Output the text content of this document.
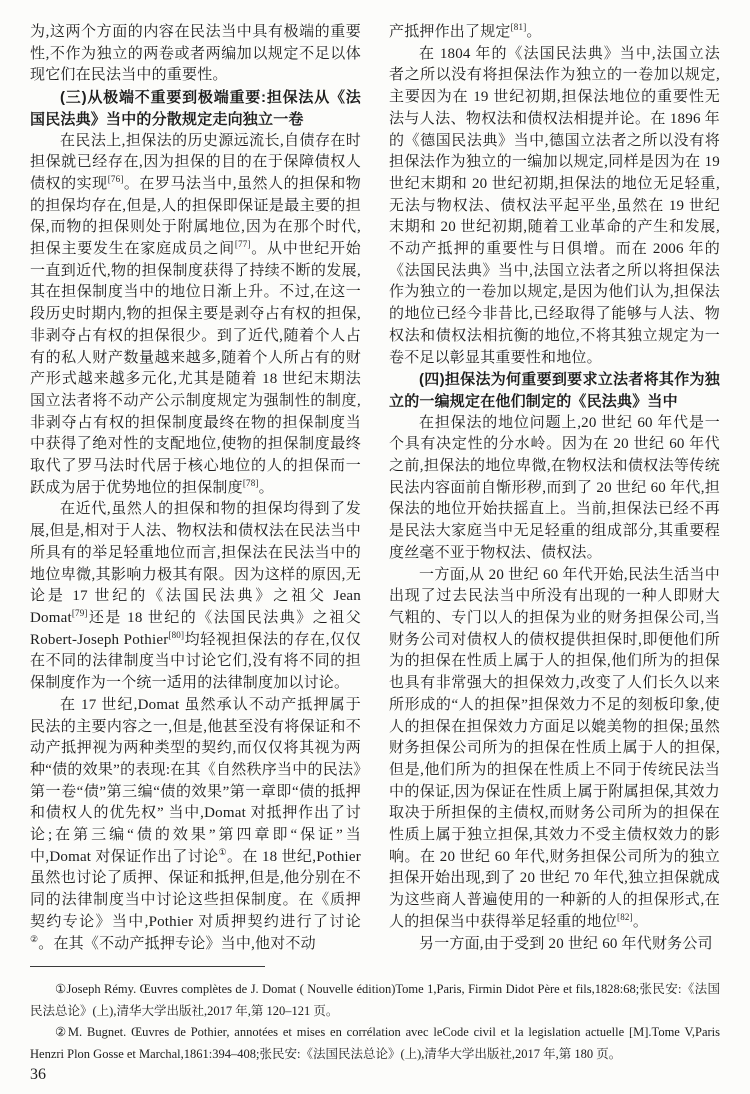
为,这两个方面的内容在民法当中具有极端的重要性,不作为独立的两卷或者两编加以规定不足以体现它们在民法当中的重要性。

(三)从极端不重要到极端重要:担保法从《法国民法典》当中的分散规定走向独立一卷

在民法上,担保法的历史源远流长,自债存在时担保就已经存在,因为担保的目的在于保障债权人债权的实现[76]。在罗马法当中,虽然人的担保和物的担保均存在,但是,人的担保即保证是最主要的担保,而物的担保则处于附属地位,因为在那个时代,担保主要发生在家庭成员之间[77]。从中世纪开始一直到近代,物的担保制度获得了持续不断的发展,其在担保制度当中的地位日渐上升。不过,在这一段历史时期内,物的担保主要是剥夺占有权的担保,非剥夺占有权的担保很少。到了近代,随着个人占有的私人财产数量越来越多,随着个人所占有的财产形式越来越多元化,尤其是随着 18 世纪末期法国立法者将不动产公示制度规定为强制性的制度,非剥夺占有权的担保制度最终在物的担保制度当中获得了绝对性的支配地位,使物的担保制度最终取代了罗马法时代居于核心地位的人的担保而一跃成为居于优势地位的担保制度[78]。

在近代,虽然人的担保和物的担保均得到了发展,但是,相对于人法、物权法和债权法在民法当中所具有的举足轻重地位而言,担保法在民法当中的地位卑微,其影响力极其有限。因为这样的原因,无论是 17 世纪的《法国民法典》之祖父 Jean Domat[79]还是 18 世纪的《法国民法典》之祖父 Robert-Joseph Pothier[80]均轻视担保法的存在,仅仅在不同的法律制度当中讨论它们,没有将不同的担保制度作为一个统一适用的法律制度加以讨论。

在 17 世纪,Domat 虽然承认不动产抵押属于民法的主要内容之一,但是,他甚至没有将保证和不动产抵押视为两种类型的契约,而仅仅将其视为两种“债的效果”的表现:在其《自然秩序当中的民法》第一卷“债”第三编“债的效果”第一章即“债的抵押和债权人的优先权” 当中,Domat 对抵押作出了讨论;在第三编“债的效果”第四章即“保证”当中,Domat 对保证作出了讨论①。在 18 世纪,Pothier 虽然也讨论了质押、保证和抵押,但是,他分别在不同的法律制度当中讨论这些担保制度。在《质押契约专论》当中,Pothier 对质押契约进行了讨论②。在其《不动产抵押专论》当中,他对不动

产抵押作出了规定[81]。

在 1804 年的《法国民法典》当中,法国立法者之所以没有将担保法作为独立的一卷加以规定,主要因为在 19 世纪初期,担保法地位的重要性无法与人法、物权法和债权法相提并论。在 1896 年的《德国民法典》当中,德国立法者之所以没有将担保法作为独立的一编加以规定,同样是因为在 19 世纪末期和 20 世纪初期,担保法的地位无足轻重,无法与物权法、债权法平起平坐,虽然在 19 世纪末期和 20 世纪初期,随着工业革命的产生和发展,不动产抵押的重要性与日俱增。而在 2006 年的《法国民法典》当中,法国立法者之所以将担保法作为独立的一卷加以规定,是因为他们认为,担保法的地位已经今非昔比,已经取得了能够与人法、物权法和债权法相抗衡的地位,不将其独立规定为一卷不足以彰显其重要性和地位。

(四)担保法为何重要到要求立法者将其作为独立的一编规定在他们制定的《民法典》当中

在担保法的地位问题上,20 世纪 60 年代是一个具有决定性的分水岭。因为在 20 世纪 60 年代之前,担保法的地位卑微,在物权法和债权法等传统民法内容面前自惭形秽,而到了 20 世纪 60 年代,担保法的地位开始扶摇直上。当前,担保法已经不再是民法大家庭当中无足轻重的组成部分,其重要程度丝毫不亚于物权法、债权法。

一方面,从 20 世纪 60 年代开始,民法生活当中出现了过去民法当中所没有出现的一种人即财大气粗的、专门以人的担保为业的财务担保公司,当财务公司对债权人的债权提供担保时,即便他们所为的担保在性质上属于人的担保,他们所为的担保也具有非常强大的担保效力,改变了人们长久以来所形成的“人的担保”担保效力不足的刻板印象,使人的担保在担保效力方面足以媲美物的担保;虽然财务担保公司所为的担保在性质上属于人的担保,但是,他们所为的担保在性质上不同于传统民法当中的保证,因为保证在性质上属于附属担保,其效力取决于所担保的主债权,而财务公司所为的担保在性质上属于独立担保,其效力不受主债权效力的影响。在 20 世纪 60 年代,财务担保公司所为的独立担保开始出现,到了 20 世纪 70 年代,独立担保就成为这些商人普遍使用的一种新的人的担保形式,在人的担保当中获得举足轻重的地位[82]。

另一方面,由于受到 20 世纪 60 年代财务公司

①Joseph Rémy. Œuvres complètes de J. Domat ( Nouvelle édition)Tome 1,Paris, Firmin Didot Père et fils,1828:68;张民安:《法国民法总论》(上),清华大学出版社,2017 年,第 120–121 页。

②M. Bugnet. Œuvres de Pothier, annotées et mises en corrélation avec leCode civil et la legislation actuelle [M].Tome V,Paris Henzri Plon Gosse et Marchal,1861:394–408;张民安:《法国民法总论》(上),清华大学出版社,2017 年,第 180 页。

36
